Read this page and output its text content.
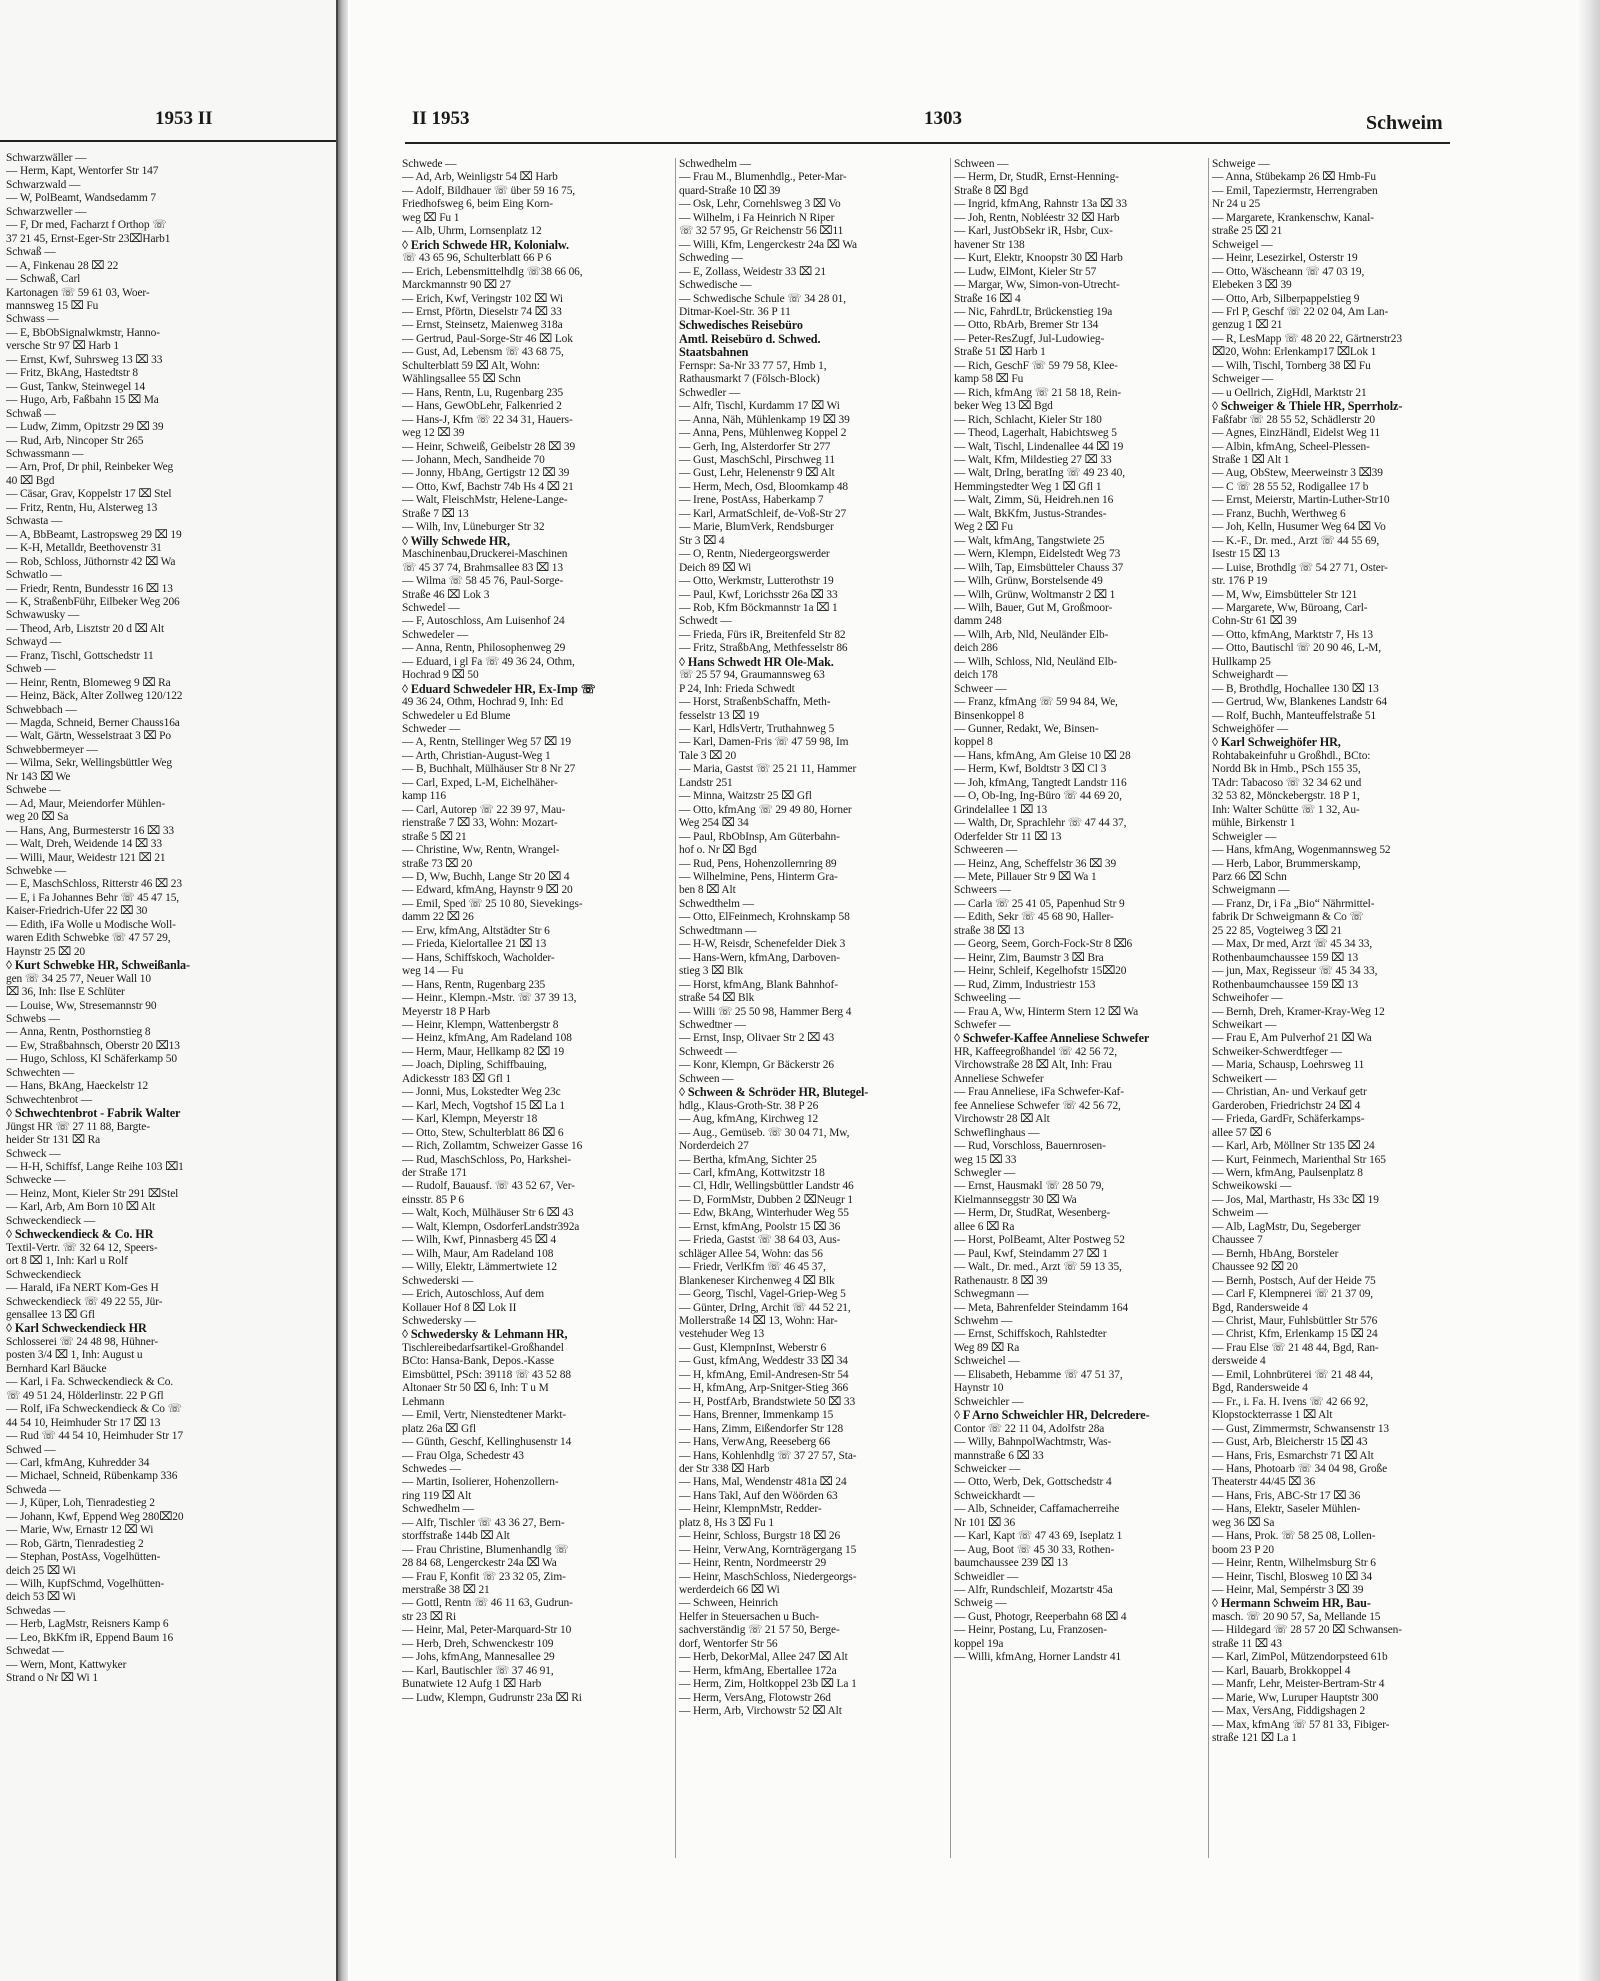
1953 II	II 1953	1303	Schweim
Schwarzwäller —
— Herm, Kapt, Wentorfer Str 147
Schwarzwald —
— W, PolBeamt, Wandsedamm 7
Schwarzweller —
— F, Dr med, Facharzt f Orthop ☏
37 21 45, Ernst-Eger-Str 23⌧Harb1
Schwaß —
— A, Finkenau 28 ⌧ 22
— Schwaß, Carl
Kartonagen ☏ 59 61 03, Woer-
mannsweg 15 ⌧ Fu
Schwass —
— E, BbObSignalwkmstr, Hanno-
versche Str 97 ⌧ Harb 1
— Ernst, Kwf, Suhrsweg 13 ⌧ 33
— Fritz, BkAng, Hastedtstr 8
— Gust, Tankw, Steinwegel 14
— Hugo, Arb, Faßbahn 15 ⌧ Ma
Schwaß —
— Ludw, Zimm, Opitzstr 29 ⌧ 39
— Rud, Arb, Nincoper Str 265
Schwassmann —
— Arn, Prof, Dr phil, Reinbeker Weg
40 ⌧ Bgd
— Cäsar, Grav, Koppelstr 17 ⌧ Stel
— Fritz, Rentn, Hu, Alsterweg 13
Schwasta —
— A, BbBeamt, Lastropsweg 29 ⌧ 19
— K-H, Metalldr, Beethovenstr 31
— Rob, Schloss, Jüthornstr 42 ⌧ Wa
Schwatlo —
— Friedr, Rentn, Bundesstr 16 ⌧ 13
— K, StraßenbFühr, Eilbeker Weg 206
Schwawusky —
— Theod, Arb, Lisztstr 20 d ⌧ Alt
Schwayd —
— Franz, Tischl, Gottschedstr 11
Schweb —
— Heinr, Rentn, Blomeweg 9 ⌧ Ra
— Heinz, Bäck, Alter Zollweg 120/122
Schwebbach —
— Magda, Schneid, Berner Chauss16a
— Walt, Gärtn, Wesselstraat 3 ⌧ Po
Schwebbermeyer —
— Wilma, Sekr, Wellingsbüttler Weg
Nr 143 ⌧ We
Schwebe —
— Ad, Maur, Meiendorfer Mühlen-
weg 20 ⌧ Sa
— Hans, Ang, Burmesterstr 16 ⌧ 33
— Walt, Dreh, Weidende 14 ⌧ 33
— Willi, Maur, Weidestr 121 ⌧ 21
Schwebke —
— E, MaschSchloss, Ritterstr 46 ⌧ 23
— E, i Fa Johannes Behr ☏ 45 47 15,
Kaiser-Friedrich-Ufer 22 ⌧ 30
— Edith, iFa Wolle u Modische Woll-
waren Edith Schwebke ☏ 47 57 29,
Haynstr 25 ⌧ 20
◊ Kurt Schwebke HR, Schweißanla-
gen ☏ 34 25 77, Neuer Wall 10
⌧ 36, Inh: Ilse E Schlüter
— Louise, Ww, Stresemannstr 90
Schwebs —
— Anna, Rentn, Posthornstieg 8
— Ew, Straßbahnsch, Oberstr 20 ⌧13
— Hugo, Schloss, Kl Schäferkamp 50
Schwechten —
— Hans, BkAng, Haeckelstr 12
Schwechtenbrot —
◊ Schwechtenbrot - Fabrik Walter
Jüngst HR ☏ 27 11 88, Bargte-
heider Str 131 ⌧ Ra
Schweck —
— H-H, Schiffsf, Lange Reihe 103 ⌧1
Schwecke —
— Heinz, Mont, Kieler Str 291 ⌧Stel
— Karl, Arb, Am Born 10 ⌧ Alt
Schweckendieck —
◊ Schweckendieck & Co. HR
Textil-Vertr. ☏ 32 64 12, Speers-
ort 8 ⌧ 1, Inh: Karl u Rolf
Schweckendieck
— Harald, iFa NERT Kom-Ges H
Schweckendieck ☏ 49 22 55, Jür-
gensallee 13 ⌧ Gfl
◊ Karl Schweckendieck HR
Schlosserei ☏ 24 48 98, Hühner-
posten 3/4 ⌧ 1, Inh: August u
Bernhard Karl Bäucke
— Karl, i Fa. Schweckendieck & Co.
☏ 49 51 24, Hölderlinstr. 22 P Gfl
— Rolf, iFa Schweckendieck & Co ☏
44 54 10, Heimhuder Str 17 ⌧ 13
— Rud ☏ 44 54 10, Heimhuder Str 17
Schwed —
— Carl, kfmAng, Kuhredder 34
— Michael, Schneid, Rübenkamp 336
Schweda —
— J, Küper, Loh, Tienradestieg 2
— Johann, Kwf, Eppend Weg 280⌧20
— Marie, Ww, Ernastr 12 ⌧ Wi
— Rob, Gärtn, Tienradestieg 2
— Stephan, PostAss, Vogelhütten-
deich 25 ⌧ Wi
— Wilh, KupfSchmd, Vogelhütten-
deich 53 ⌧ Wi
Schwedas —
— Herb, LagMstr, Reisners Kamp 6
— Leo, BkKfm iR, Eppend Baum 16
Schwedat —
— Wern, Mont, Kattwyker
Strand o Nr ⌧ Wi 1
Schwede —
— Ad, Arb, Weinligstr 54 ⌧ Harb
— Adolf, Bildhauer ☏ über 59 16 75,
Friedhofsweg 6, beim Eing Korn-
weg ⌧ Fu 1
— Alb, Uhrm, Lornsenplatz 12
◊ Erich Schwede HR, Kolonialw.
☏ 43 65 96, Schulterblatt 66 P 6
— Erich, Lebensmittelhdlg ☏38 66 06,
Marckmannstr 90 ⌧ 27
— Erich, Kwf, Veringstr 102 ⌧ Wi
— Ernst, Pförtn, Dieselstr 74 ⌧ 33
— Ernst, Steinsetz, Maienweg 318a
— Gertrud, Paul-Sorge-Str 46 ⌧ Lok
— Gust, Ad, Lebensm ☏ 43 68 75,
Schulterblatt 59 ⌧ Alt, Wohn:
Wählingsallee 55 ⌧ Schn
— Hans, Rentn, Lu, Rugenbarg 235
— Hans, GewObLehr, Falkenried 2
— Hans-J, Kfm ☏ 22 34 31, Hauers-
weg 12 ⌧ 39
— Heinr, Schweiß, Geibelstr 28 ⌧ 39
— Johann, Mech, Sandheide 70
— Jonny, HbAng, Gertigstr 12 ⌧ 39
— Otto, Kwf, Bachstr 74b Hs 4 ⌧ 21
— Walt, FleischMstr, Helene-Lange-
Straße 7 ⌧ 13
— Wilh, Inv, Lüneburger Str 32
◊ Willy Schwede HR,
Maschinenbau,Druckerei-Maschinen
☏ 45 37 74, Brahmsallee 83 ⌧ 13
— Wilma ☏ 58 45 76, Paul-Sorge-
Straße 46 ⌧ Lok 3
Schwedel —
— F, Autoschloss, Am Luisenhof 24
Schwedeler —
— Anna, Rentn, Philosophenweg 29
— Eduard, i gl Fa ☏ 49 36 24, Othm,
Hochrad 9 ⌧ 50
◊ Eduard Schwedeler HR, Ex-Imp ☏
49 36 24, Othm, Hochrad 9, Inh: Ed
Schwedeler u Ed Blume
Schweder —
— A, Rentn, Stellinger Weg 57 ⌧ 19
— Arth, Christian-August-Weg 1
— B, Buchhalt, Mülhäuser Str 8 Nr 27
— Carl, Exped, L-M, Eichelhäher-
kamp 116
— Carl, Autorep ☏ 22 39 97, Mau-
rienstraße 7 ⌧ 33, Wohn: Mozart-
straße 5 ⌧ 21
— Christine, Ww, Rentn, Wrangel-
straße 73 ⌧ 20
— D, Ww, Buchh, Lange Str 20 ⌧ 4
— Edward, kfmAng, Haynstr 9 ⌧ 20
— Emil, Sped ☏ 25 10 80, Sievekings-
damm 22 ⌧ 26
— Erw, kfmAng, Altstädter Str 6
— Frieda, Kielortallee 21 ⌧ 13
— Hans, Schiffskoch, Wacholder-
weg 14 — Fu
— Hans, Rentn, Rugenbarg 235
— Heinr., Klempn.-Mstr. ☏ 37 39 13,
Meyerstr 18 P Harb
— Heinr, Klempn, Wattenbergstr 8
— Heinz, kfmAng, Am Radeland 108
— Herm, Maur, Hellkamp 82 ⌧ 19
— Joach, Dipling, Schiffbauing,
Adickesstr 183 ⌧ Gfl 1
— Jonni, Mus, Lokstedter Weg 23c
— Karl, Mech, Vogtshof 15 ⌧ La 1
— Karl, Klempn, Meyerstr 18
— Otto, Stew, Schulterblatt 86 ⌧ 6
— Rich, Zollamtm, Schweizer Gasse 16
— Rud, MaschSchloss, Po, Harkshei-
der Straße 171
— Rudolf, Bauausf. ☏ 43 52 67, Ver-
einsstr. 85 P 6
— Walt, Koch, Mülhäuser Str 6 ⌧ 43
— Walt, Klempn, OsdorferLandstr392a
— Wilh, Kwf, Pinnasberg 45 ⌧ 4
— Wilh, Maur, Am Radeland 108
— Willy, Elektr, Lämmertwiete 12
Schwederski —
— Erich, Autoschloss, Auf dem
Kollauer Hof 8 ⌧ Lok II
Schwedersky —
◊ Schwedersky & Lehmann HR,
Tischlereibedarfsartikel-Großhandel
BCto: Hansa-Bank, Depos.-Kasse
Eimsbüttel, PSch: 39118 ☏ 43 52 88
Altonaer Str 50 ⌧ 6, Inh: T u M
Lehmann
— Emil, Vertr, Nienstedtener Markt-
platz 26a ⌧ Gfl
— Günth, Geschf, Kellinghusenstr 14
— Frau Olga, Schedestr 43
Schwedes —
— Martin, Isolierer, Hohenzollern-
ring 119 ⌧ Alt
Schwedhelm —
— Alfr, Tischler ☏ 43 36 27, Bern-
storffstraße 144b ⌧ Alt
— Frau Christine, Blumenhandlg ☏
28 84 68, Lengerckestr 24a ⌧ Wa
— Frau F, Konfit ☏ 23 32 05, Zim-
merstraße 38 ⌧ 21
— Gottl, Rentn ☏ 46 11 63, Gudrun-
str 23 ⌧ Ri
— Heinr, Mal, Peter-Marquard-Str 10
— Herb, Dreh, Schwenckestr 109
— Johs, kfmAng, Mannesallee 29
— Karl, Bautischler ☏ 37 46 91,
Bunatwiete 12 Aufg 1 ⌧ Harb
— Ludw, Klempn, Gudrunstr 23a ⌧ Ri
Schwedhelm —
— Frau M., Blumenhdlg., Peter-Mar-
quard-Straße 10 ⌧ 39
— Osk, Lehr, Cornehlsweg 3 ⌧ Vo
— Wilhelm, i Fa Heinrich N Riper
☏ 32 57 95, Gr Reichenstr 56 ⌧11
— Willi, Kfm, Lengerckestr 24a ⌧ Wa
Schweding —
— E, Zollass, Weidestr 33 ⌧ 21
Schwedische —
— Schwedische Schule ☏ 34 28 01,
Ditmar-Koel-Str. 36 P 11
Schwedisches Reisebüro
Amtl. Reisebüro d. Schwed.
Staatsbahnen
Fernspr: Sa-Nr 33 77 57, Hmb 1,
Rathausmarkt 7 (Fölsch-Block)
Schwedler —
— Alfr, Tischl, Kurdamm 17 ⌧ Wi
— Anna, Näh, Mühlenkamp 19 ⌧ 39
— Anna, Pens, Mühlenweg Koppel 2
— Gerh, Ing, Alsterdorfer Str 277
— Gust, MaschSchl, Pirschweg 11
— Gust, Lehr, Helenenstr 9 ⌧ Alt
— Herm, Mech, Osd, Bloomkamp 48
— Irene, PostAss, Haberkamp 7
— Karl, ArmatSchleif, de-Voß-Str 27
— Marie, BlumVerk, Rendsburger
Str 3 ⌧ 4
— O, Rentn, Niedergeorgswerder
Deich 89 ⌧ Wi
— Otto, Werkmstr, Lutterothstr 19
— Paul, Kwf, Lorichsstr 26a ⌧ 33
— Rob, Kfm Böckmannstr 1a ⌧ 1
Schwedt —
— Frieda, Fürs iR, Breitenfeld Str 82
— Fritz, StraßbAng, Methfesselstr 86
◊ Hans Schwedt HR Ole-Mak.
☏ 25 57 94, Graumannsweg 63
P 24, Inh: Frieda Schwedt
— Horst, StraßenbSchaffn, Meth-
fesselstr 13 ⌧ 19
— Karl, HdlsVertr, Truthahnweg 5
— Karl, Damen-Fris ☏ 47 59 98, Im
Tale 3 ⌧ 20
— Maria, Gastst ☏ 25 21 11, Hammer
Landstr 251
— Minna, Waitzstr 25 ⌧ Gfl
— Otto, kfmAng ☏ 29 49 80, Horner
Weg 254 ⌧ 34
— Paul, RbObInsp, Am Güterbahn-
hof o. Nr ⌧ Bgd
— Rud, Pens, Hohenzollernring 89
— Wilhelmine, Pens, Hinterm Gra-
ben 8 ⌧ Alt
Schwedthelm —
— Otto, ElFeinmech, Krohnskamp 58
Schwedtmann —
— H-W, Reisdr, Schenefelder Diek 3
— Hans-Wern, kfmAng, Darboven-
stieg 3 ⌧ Blk
— Horst, kfmAng, Blank Bahnhof-
straße 54 ⌧ Blk
— Willi ☏ 25 50 98, Hammer Berg 4
Schwedtner —
— Ernst, Insp, Olivaer Str 2 ⌧ 43
Schweedt —
— Konr, Klempn, Gr Bäckerstr 26
Schween —
◊ Schween & Schröder HR, Blutegel-
hdlg., Klaus-Groth-Str. 38 P 26
— Aug, kfmAng, Kirchweg 12
— Aug., Gemüseb. ☏ 30 04 71, Mw,
Norderdeich 27
— Bertha, kfmAng, Sichter 25
— Carl, kfmAng, Kottwitzstr 18
— Cl, Hdlr, Wellingsbüttler Landstr 46
— D, FormMstr, Dubben 2 ⌧Neugr 1
— Edw, BkAng, Winterhuder Weg 55
— Ernst, kfmAng, Poolstr 15 ⌧ 36
— Frieda, Gastst ☏ 38 64 03, Aus-
schläger Allee 54, Wohn: das 56
— Friedr, VerlKfm ☏ 46 45 37,
Blankeneser Kirchenweg 4 ⌧ Blk
— Georg, Tischl, Vagel-Griep-Weg 5
— Günter, DrIng, Archit ☏ 44 52 21,
Mollerstraße 14 ⌧ 13, Wohn: Har-
vestehuder Weg 13
— Gust, KlempnInst, Weberstr 6
— Gust, kfmAng, Weddestr 33 ⌧ 34
— H, kfmAng, Emil-Andresen-Str 54
— H, kfmAng, Arp-Snitger-Stieg 366
— H, PostfArb, Brandstwiete 50 ⌧ 33
— Hans, Brenner, Immenkamp 15
— Hans, Zimm, Eißendorfer Str 128
— Hans, VerwAng, Reeseberg 66
— Hans, Kohlenhdlg ☏ 37 27 57, Sta-
der Str 338 ⌧ Harb
— Hans, Mal, Wendenstr 481a ⌧ 24
— Hans Takl, Auf den Wöörden 63
— Heinr, KlempnMstr, Redder-
platz 8, Hs 3 ⌧ Fu 1
— Heinr, Schloss, Burgstr 18 ⌧ 26
— Heinr, VerwAng, Kornträgergang 15
— Heinr, Rentn, Nordmeerstr 29
— Heinr, MaschSchloss, Niedergeorgs-
werderdeich 66 ⌧ Wi
— Schween, Heinrich
Helfer in Steuersachen u Buch-
sachverständig ☏ 21 57 50, Berge-
dorf, Wentorfer Str 56
— Herb, DekorMal, Allee 247 ⌧ Alt
— Herm, kfmAng, Ebertallee 172a
— Herm, Zim, Holtkoppel 23b ⌧ La 1
— Herm, VersAng, Flotowstr 26d
— Herm, Arb, Virchowstr 52 ⌧ Alt
Schween —
— Herm, Dr, StudR, Ernst-Henning-
Straße 8 ⌧ Bgd
— Ingrid, kfmAng, Rahnstr 13a ⌧ 33
— Joh, Rentn, Nobléestr 32 ⌧ Harb
— Karl, JustObSekr iR, Hsbr, Cux-
havener Str 138
— Kurt, Elektr, Knoopstr 30 ⌧ Harb
— Ludw, ElMont, Kieler Str 57
— Margar, Ww, Simon-von-Utrecht-
Straße 16 ⌧ 4
— Nic, FahrdLtr, Brückenstieg 19a
— Otto, RbArb, Bremer Str 134
— Peter-ResZugf, Jul-Ludowieg-
Straße 51 ⌧ Harb 1
— Rich, GeschF ☏ 59 79 58, Klee-
kamp 58 ⌧ Fu
— Rich, kfmAng ☏ 21 58 18, Rein-
beker Weg 13 ⌧ Bgd
— Rich, Schlacht, Kieler Str 180
— Theod, Lagerhalt, Habichtsweg 5
— Walt, Tischl, Lindenallee 44 ⌧ 19
— Walt, Kfm, Mildestieg 27 ⌧ 33
— Walt, DrIng, beratIng ☏ 49 23 40,
Hemmingstedter Weg 1 ⌧ Gfl 1
— Walt, Zimm, Sü, Heidreh.nen 16
— Walt, BkKfm, Justus-Strandes-
Weg 2 ⌧ Fu
— Walt, kfmAng, Tangstwiete 25
— Wern, Klempn, Eidelstedt Weg 73
— Wilh, Tap, Eimsbütteler Chauss 37
— Wilh, Grünw, Borstelsende 49
— Wilh, Grünw, Woltmanstr 2 ⌧ 1
— Wilh, Bauer, Gut M, Großmoor-
damm 248
— Wilh, Arb, Nld, Neuländer Elb-
deich 286
— Wilh, Schloss, Nld, Neuländ Elb-
deich 178
Schweer —
— Franz, kfmAng ☏ 59 94 84, We,
Binsenkoppel 8
— Gunner, Redakt, We, Binsen-
koppel 8
— Hans, kfmAng, Am Gleise 10 ⌧ 28
— Herm, Kwf, Boldtstr 3 ⌧ Cl 3
— Joh, kfmAng, Tangtedt Landstr 116
— O, Ob-Ing, Ing-Büro ☏ 44 69 20,
Grindelallee 1 ⌧ 13
— Walth, Dr, Sprachlehr ☏ 47 44 37,
Oderfelder Str 11 ⌧ 13
Schweeren —
— Heinz, Ang, Scheffelstr 36 ⌧ 39
— Mete, Pillauer Str 9 ⌧ Wa 1
Schweers —
— Carla ☏ 25 41 05, Papenhud Str 9
— Edith, Sekr ☏ 45 68 90, Haller-
straße 38 ⌧ 13
— Georg, Seem, Gorch-Fock-Str 8 ⌧6
— Heinr, Zim, Baumstr 3 ⌧ Bra
— Heinr, Schleif, Kegelhofstr 15⌧20
— Rud, Zimm, Industriestr 153
Schweeling —
— Frau A, Ww, Hinterm Stern 12 ⌧ Wa
Schwefer —
◊ Schwefer-Kaffee Anneliese Schwefer
HR, Kaffeegroßhandel ☏ 42 56 72,
Virchowstraße 28 ⌧ Alt, Inh: Frau
Anneliese Schwefer
— Frau Anneliese, iFa Schwefer-Kaf-
fee Anneliese Schwefer ☏ 42 56 72,
Virchowstr 28 ⌧ Alt
Schweflinghaus —
— Rud, Vorschloss, Bauernrosen-
weg 15 ⌧ 33
Schwegler —
— Ernst, Hausmakl ☏ 28 50 79,
Kielmannseggstr 30 ⌧ Wa
— Herm, Dr, StudRat, Wesenberg-
allee 6 ⌧ Ra
— Horst, PolBeamt, Alter Postweg 52
— Paul, Kwf, Steindamm 27 ⌧ 1
— Walt., Dr. med., Arzt ☏ 59 13 35,
Rathenaustr. 8 ⌧ 39
Schwegmann —
— Meta, Bahrenfelder Steindamm 164
Schwehm —
— Ernst, Schiffskoch, Rahlstedter
Weg 89 ⌧ Ra
Schweichel —
— Elisabeth, Hebamme ☏ 47 51 37,
Haynstr 10
Schweichler —
◊ F Arno Schweichler HR, Delcredere-
Contor ☏ 22 11 04, Adolfstr 28a
— Willy, BahnpolWachtmstr, Was-
mannstraße 6 ⌧ 33
Schweicker —
— Otto, Werb, Dek, Gottschedstr 4
Schweickhardt —
— Alb, Schneider, Caffamacherreihe
Nr 101 ⌧ 36
— Karl, Kapt ☏ 47 43 69, Iseplatz 1
— Aug, Boot ☏ 45 30 33, Rothen-
baumchaussee 239 ⌧ 13
Schweidler —
— Alfr, Rundschleif, Mozartstr 45a
Schweig —
— Gust, Photogr, Reeperbahn 68 ⌧ 4
— Heinr, Postang, Lu, Franzosen-
koppel 19a
— Willi, kfmAng, Horner Landstr 41
Schweige —
— Anna, Stübekamp 26 ⌧ Hmb-Fu
— Emil, Tapeziermstr, Herrengraben
Nr 24 u 25
— Margarete, Krankenschw, Kanal-
straße 25 ⌧ 21
Schweigel —
— Heinr, Lesezirkel, Osterstr 19
— Otto, Wäscheann ☏ 47 03 19,
Elebeken 3 ⌧ 39
— Otto, Arb, Silberpappelstieg 9
— Frl P, Geschf ☏ 22 02 04, Am Lan-
genzug 1 ⌧ 21
— R, LesMapp ☏ 48 20 22, Gärtnerstr23
⌧20, Wohn: Erlenkamp17 ⌧Lok 1
— Wilh, Tischl, Tornberg 38 ⌧ Fu
Schweiger —
— u Oellrich, ZigHdl, Marktstr 21
◊ Schweiger & Thiele HR, Sperrholz-
Faßfabr ☏ 28 55 52, Schädlerstr 20
— Agnes, EinzHändl, Eidelst Weg 11
— Albin, kfmAng, Scheel-Plessen-
Straße 1 ⌧ Alt 1
— Aug, ObStew, Meerweinstr 3 ⌧39
— C ☏ 28 55 52, Rodigallee 17 b
— Ernst, Meierstr, Martin-Luther-Str10
— Franz, Buchh, Werthweg 6
— Joh, Kelln, Husumer Weg 64 ⌧ Vo
— K.-F., Dr. med., Arzt ☏ 44 55 69,
Isestr 15 ⌧ 13
— Luise, Brothdlg ☏ 54 27 71, Oster-
str. 176 P 19
— M, Ww, Eimsbütteler Str 121
— Margarete, Ww, Büroang, Carl-
Cohn-Str 61 ⌧ 39
— Otto, kfmAng, Marktstr 7, Hs 13
— Otto, Bautischl ☏ 20 90 46, L-M,
Hullkamp 25
Schweighardt —
— B, Brothdlg, Hochallee 130 ⌧ 13
— Gertrud, Ww, Blankenes Landstr 64
— Rolf, Buchh, Manteuffelstraße 51
Schweighöfer —
◊ Karl Schweighöfer HR,
Rohtabakeinfuhr u Großhdl., BCto:
Nordd Bk in Hmb., PSch 155 35,
TAdr: Tabacoso ☏ 32 34 62 und
32 53 82, Mönckebergstr. 18 P 1,
Inh: Walter Schütte ☏ 1 32, Au-
mühle, Birkenstr 1
Schweigler —
— Hans, kfmAng, Wogenmannsweg 52
— Herb, Labor, Brummerskamp,
Parz 66 ⌧ Schn
Schweigmann —
— Franz, Dr, i Fa „Bio“ Nährmittel-
fabrik Dr Schweigmann & Co ☏
25 22 85, Vogteiweg 3 ⌧ 21
— Max, Dr med, Arzt ☏ 45 34 33,
Rothenbaumchaussee 159 ⌧ 13
— jun, Max, Regisseur ☏ 45 34 33,
Rothenbaumchaussee 159 ⌧ 13
Schweihofer —
— Bernh, Dreh, Kramer-Kray-Weg 12
Schweikart —
— Frau E, Am Pulverhof 21 ⌧ Wa
Schweiker-Schwerdtfeger —
— Maria, Schausp, Loehrsweg 11
Schweikert —
— Christian, An- und Verkauf getr
Garderoben, Friedrichstr 24 ⌧ 4
— Frieda, GardFr, Schäferkamps-
allee 57 ⌧ 6
— Karl, Arb, Möllner Str 135 ⌧ 24
— Kurt, Feinmech, Marienthal Str 165
— Wern, kfmAng, Paulsenplatz 8
Schweikowski —
— Jos, Mal, Marthastr, Hs 33c ⌧ 19
Schweim —
— Alb, LagMstr, Du, Segeberger
Chaussee 7
— Bernh, HbAng, Borsteler
Chaussee 92 ⌧ 20
— Bernh, Postsch, Auf der Heide 75
— Carl F, Klempnerei ☏ 21 37 09,
Bgd, Randersweide 4
— Christ, Maur, Fuhlsbüttler Str 576
— Christ, Kfm, Erlenkamp 15 ⌧ 24
— Frau Else ☏ 21 48 44, Bgd, Ran-
dersweide 4
— Emil, Lohnbrüterei ☏ 21 48 44,
Bgd, Randersweide 4
— Fr., i. Fa. H. Ivens ☏ 42 66 92,
Klopstockterrasse 1 ⌧ Alt
— Gust, Zimmermstr, Schwansenstr 13
— Gust, Arb, Bleicherstr 15 ⌧ 43
— Hans, Fris, Esmarchstr 71 ⌧ Alt
— Hans, Photoarb ☏ 34 04 98, Große
Theaterstr 44/45 ⌧ 36
— Hans, Fris, ABC-Str 17 ⌧ 36
— Hans, Elektr, Saseler Mühlen-
weg 36 ⌧ Sa
— Hans, Prok. ☏ 58 25 08, Lollen-
boom 23 P 20
— Heinr, Rentn, Wilhelmsburg Str 6
— Heinr, Tischl, Blosweg 10 ⌧ 34
— Heinr, Mal, Sempérstr 3 ⌧ 39
◊ Hermann Schweim HR, Bau-
masch. ☏ 20 90 57, Sa, Mellande 15
— Hildegard ☏ 28 57 20 ⌧ Schwansen-
straße 11 ⌧ 43
— Karl, ZimPol, Mützendorpsteed 61b
— Karl, Bauarb, Brokkoppel 4
— Manfr, Lehr, Meister-Bertram-Str 4
— Marie, Ww, Luruper Hauptstr 300
— Max, VersAng, Fiddigshagen 2
— Max, kfmAng ☏ 57 81 33, Fibiger-
straße 121 ⌧ La 1
